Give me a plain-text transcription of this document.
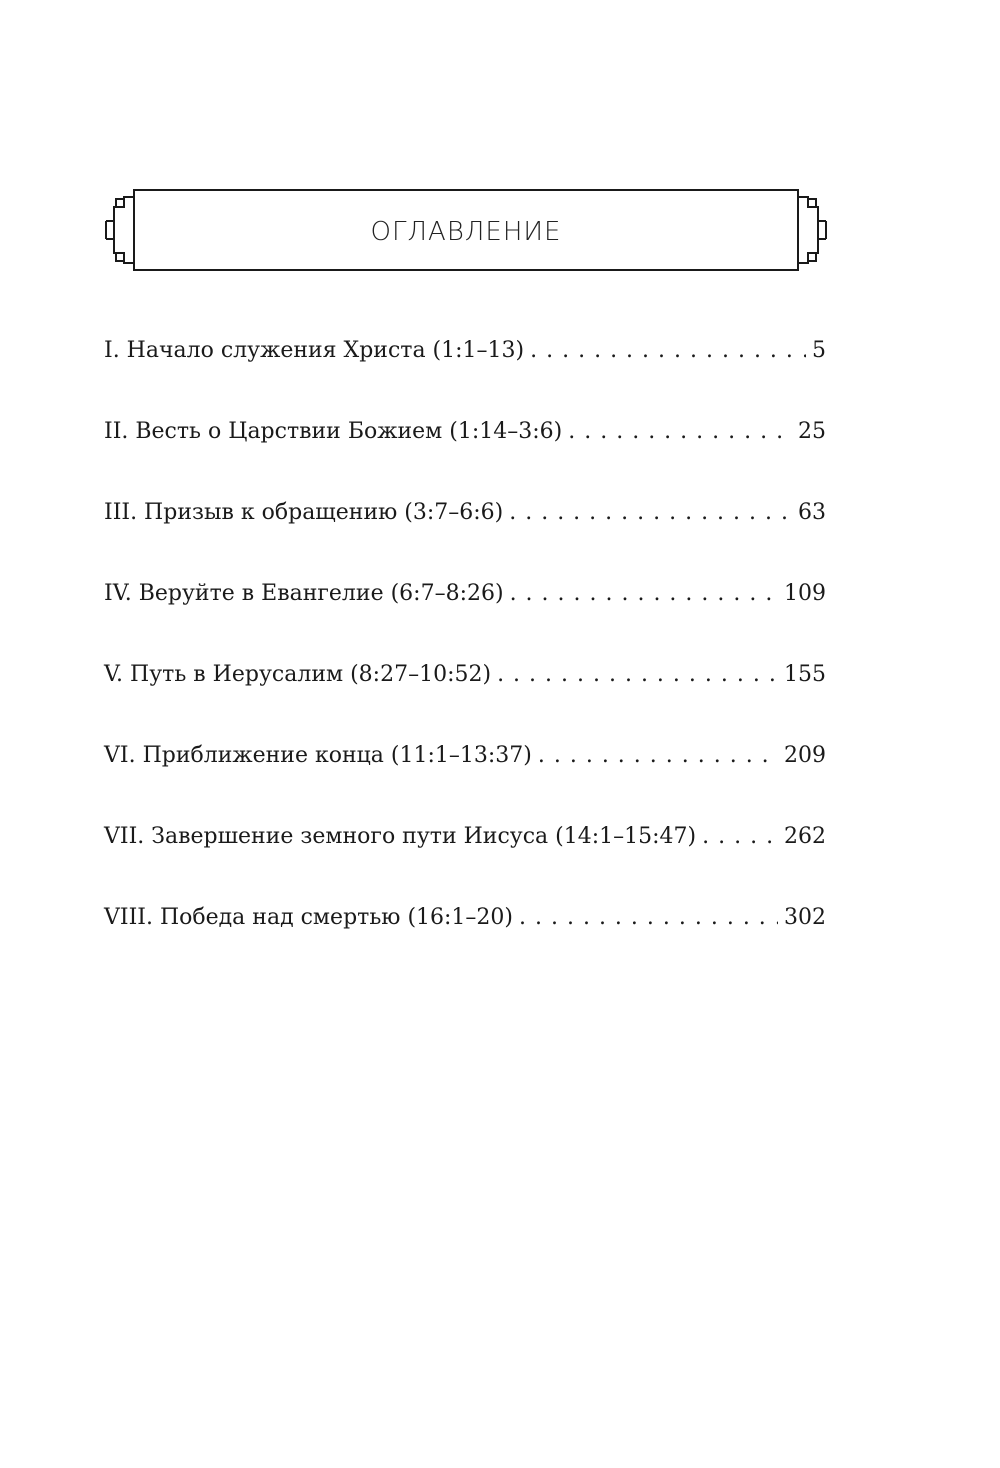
ОГЛАВЛЕНИЕ
I. Начало служения Христа (1:1–13) . . .	5
II. Весть о Царствии Божием (1:14–3:6) . . .	25
III. Призыв к обращению (3:7–6:6) . . .	63
IV. Веруйте в Евангелие (6:7–8:26) . . .	109
V. Путь в Иерусалим (8:27–10:52) . . .	155
VI. Приближение конца (11:1–13:37) . . .	209
VII. Завершение земного пути Иисуса (14:1–15:47) . . .	262
VIII. Победа над смертью (16:1–20) . . .	302
